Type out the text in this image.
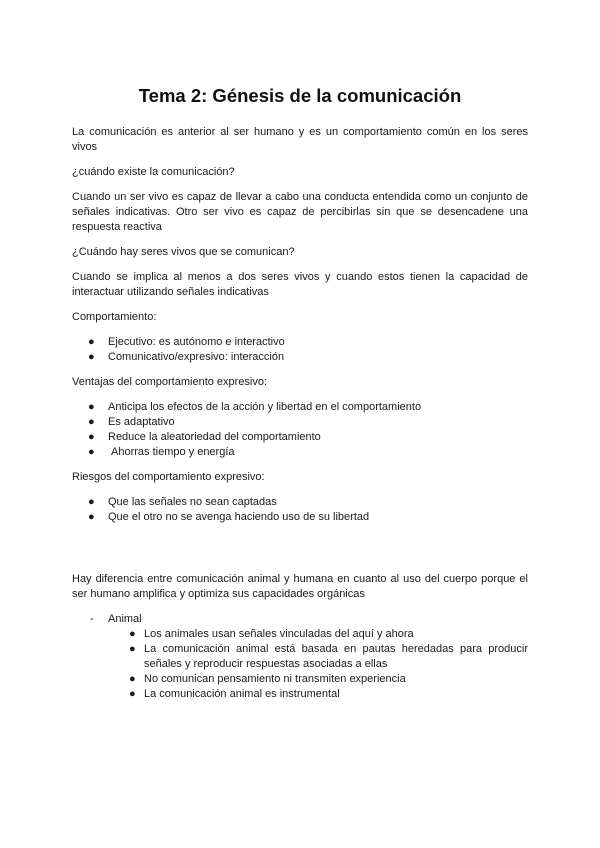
Tema 2: Génesis de la comunicación

La comunicación es anterior al ser humano y es un comportamiento común en los seres vivos

¿cuándo existe la comunicación?

Cuando un ser vivo es capaz de llevar a cabo una conducta entendida como un conjunto de señales indicativas. Otro ser vivo es capaz de percibirlas sin que se desencadene una respuesta reactiva

¿Cuándo hay seres vivos que se comunican?

Cuando se implica al menos a dos seres vivos y cuando estos tienen la capacidad de interactuar utilizando señales indicativas

Comportamiento:

● Ejecutivo: es autónomo e interactivo
● Comunicativo/expresivo: interacción

Ventajas del comportamiento expresivo:

● Anticipa los efectos de la acción y libertad en el comportamiento
● Es adaptativo
● Reduce la aleatoriedad del comportamiento
● Ahorras tiempo y energía

Riesgos del comportamiento expresivo:

● Que las señales no sean captadas
● Que el otro no se avenga haciendo uso de su libertad

Hay diferencia entre comunicación animal y humana en cuanto al uso del cuerpo porque el ser humano amplifica y optimiza sus capacidades orgánicas

- Animal
● Los animales usan señales vinculadas del aquí y ahora
● La comunicación animal está basada en pautas heredadas para producir señales y reproducir respuestas asociadas a ellas
● No comunican pensamiento ni transmiten experiencia
● La comunicación animal es instrumental
